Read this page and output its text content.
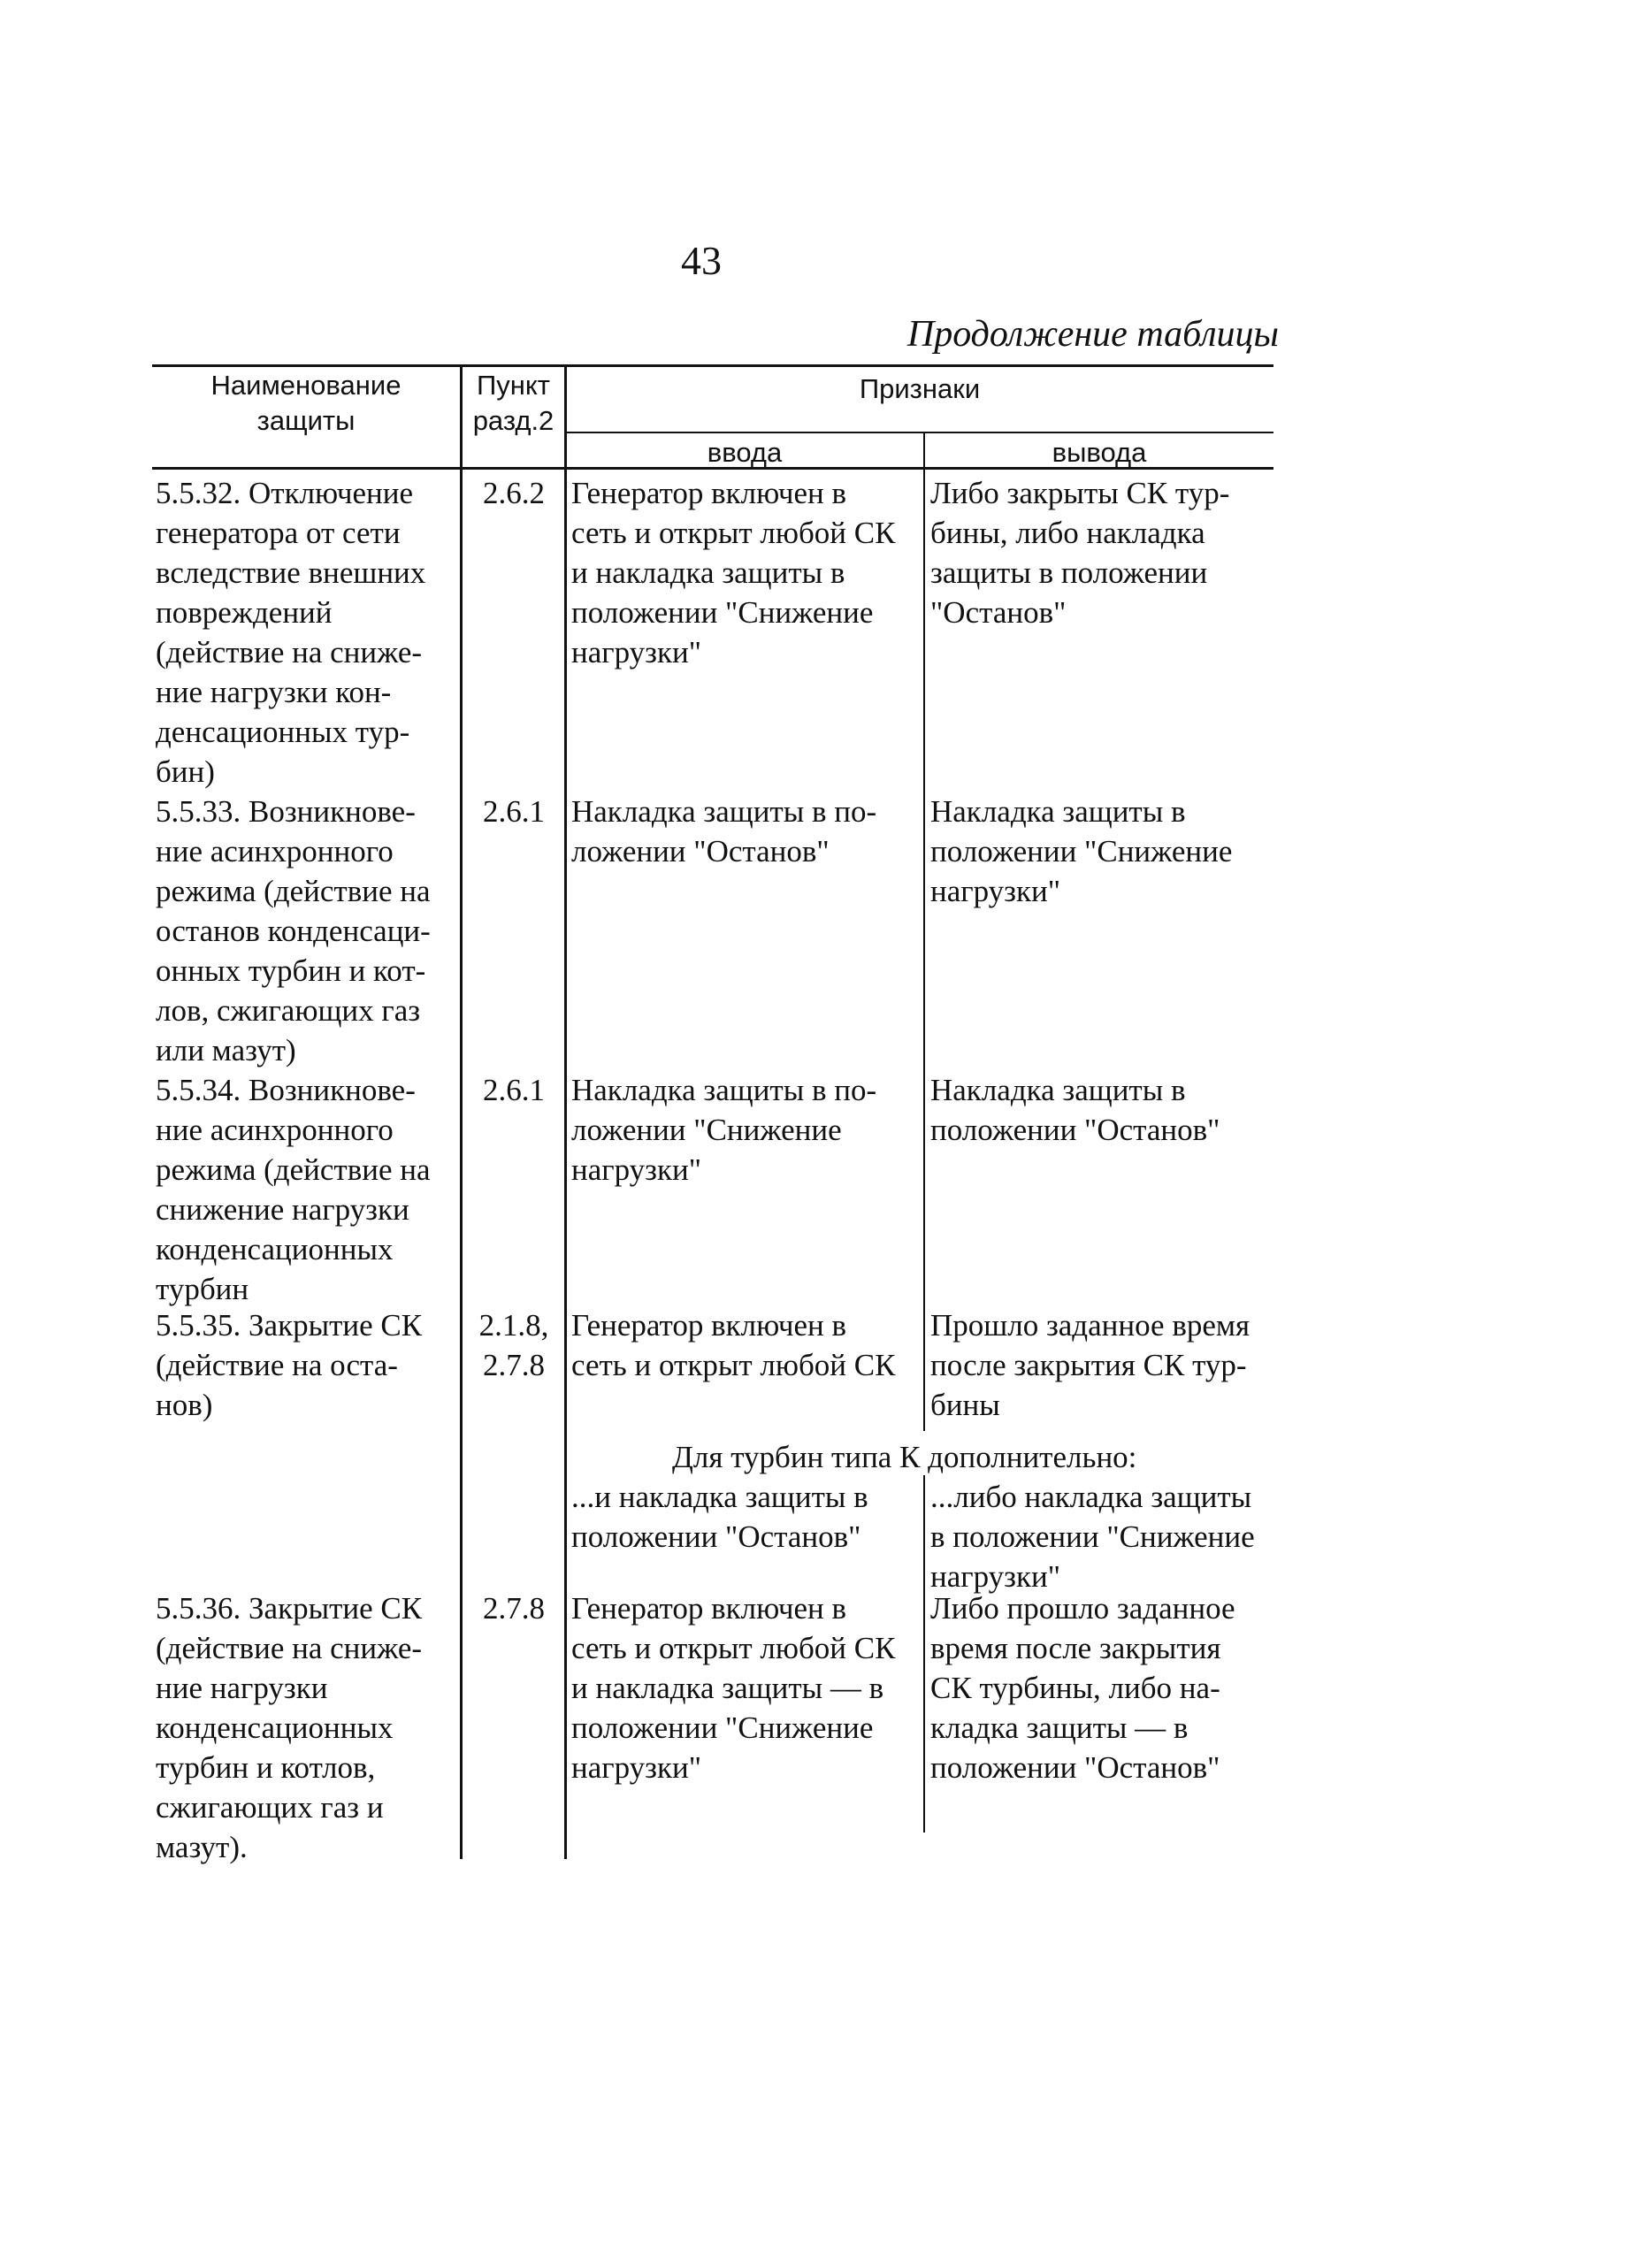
43
Продолжение таблицы
Наименование
защиты
Пункт
разд.2
Признаки
ввода	вывода
5.5.32. Отключение
генератора от сети
вследствие внешних
повреждений
(действие на сниже-
ние нагрузки кон-
денсационных тур-
бин)
2.6.2 Генератор включен в
сеть и открыт любой СК
и накладка защиты в
положении "Снижение
нагрузки"
Либо закрыты СК тур-
бины, либо накладка
защиты в положении
"Останов"
5.5.33. Возникнове-
ние асинхронного
режима (действие на
останов конденсаци-
онных турбин и кот-
лов, сжигающих газ
или мазут)
2.6.1 Накладка защиты в по-
ложении "Останов"
Накладка защиты в
положении "Снижение
нагрузки"
5.5.34. Возникнове-
ние асинхронного
режима (действие на
снижение нагрузки
конденсационных
турбин
2.6.1 Накладка защиты в по-
ложении "Снижение
нагрузки"
Накладка защиты в
положении "Останов"
5.5.35. Закрытие СК
(действие на оста-
нов)
2.1.8,
2.7.8
Генератор включен в
сеть и открыт любой СК
Прошло заданное время
после закрытия СК тур-
бины
Для турбин типа К дополнительно:
...и накладка защиты в
положении "Останов"
...либо накладка защиты
в положении "Снижение
нагрузки"
5.5.36. Закрытие СК
(действие на сниже-
ние нагрузки
конденсационных
турбин и котлов,
сжигающих газ и
мазут).
2.7.8 Генератор включен в
сеть и открыт любой СК
и накладка защиты — в
положении "Снижение
нагрузки"
Либо прошло заданное
время после закрытия
СК турбины, либо на-
кладка защиты — в
положении "Останов"
